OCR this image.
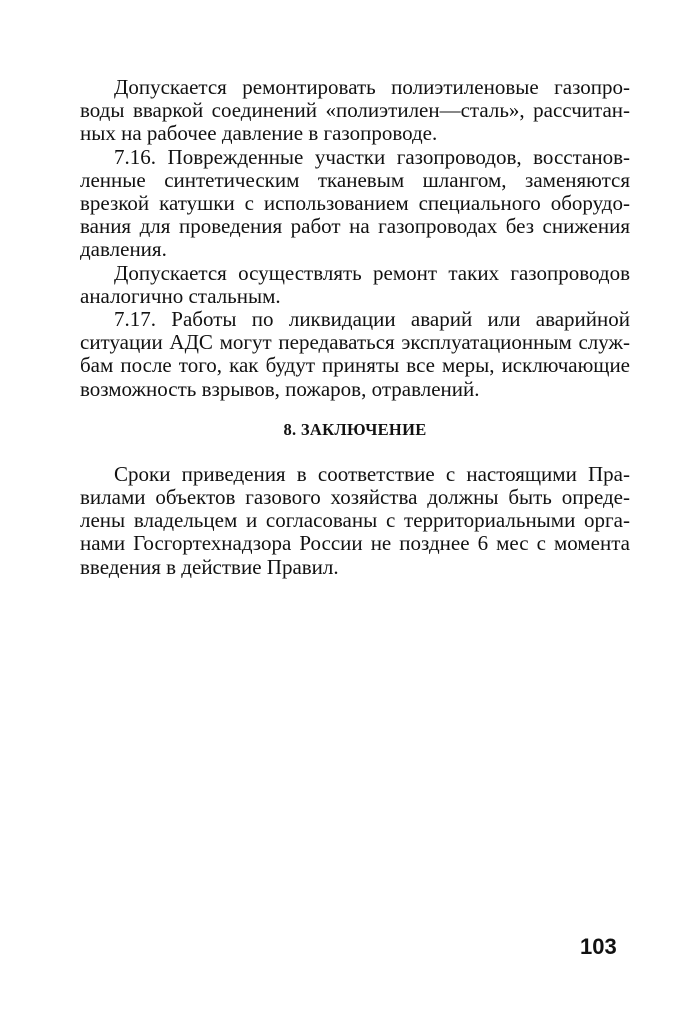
Допускается ремонтировать полиэтиленовые газопроводы вваркой соединений «полиэтилен—сталь», рассчитанных на рабочее давление в газопроводе.

7.16. Поврежденные участки газопроводов, восстановленные синтетическим тканевым шлангом, заменяются врезкой катушки с использованием специального оборудования для проведения работ на газопроводах без снижения давления.

Допускается осуществлять ремонт таких газопроводов аналогично стальным.

7.17. Работы по ликвидации аварий или аварийной ситуации АДС могут передаваться эксплуатационным службам после того, как будут приняты все меры, исключающие возможность взрывов, пожаров, отравлений.

8. ЗАКЛЮЧЕНИЕ

Сроки приведения в соответствие с настоящими Правилами объектов газового хозяйства должны быть определены владельцем и согласованы с территориальными органами Госгортехнадзора России не позднее 6 мес с момента введения в действие Правил.

103
